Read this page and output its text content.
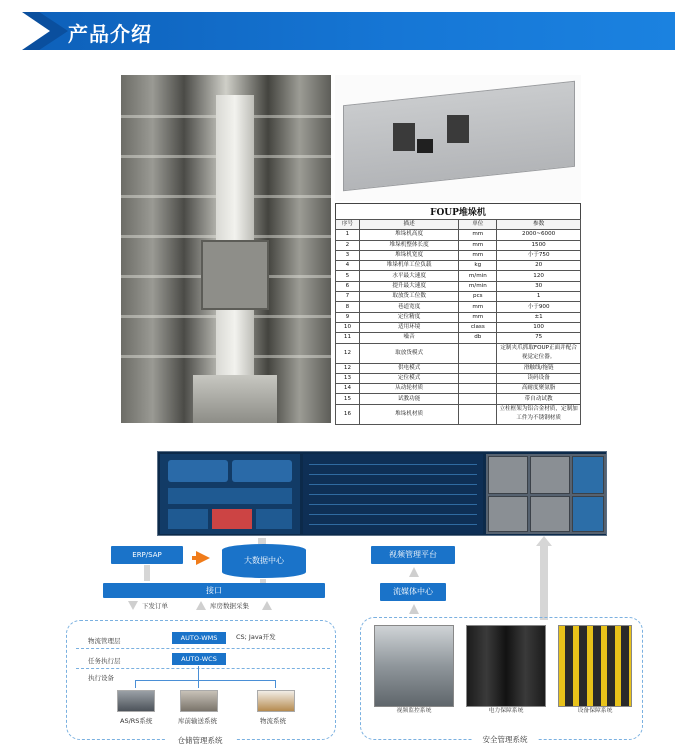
产品介绍
FOUP堆垛机
序号	描述	单位	参数
1	堆垛机高度	mm	2000~6000
2	堆垛机整体长度	mm	1500
3	堆垛机宽度	mm	小于750
4	堆垛机单工位负载	kg	20
5	水平最大速度	m/min	120
6	提升最大速度	m/min	30
7	取放货工位数	pcs	1
8	巷道宽度	mm	小于900
9	定位精度	mm	±1
10	适用环境	class	100
11	噪音	db	75
12	取放货模式		定制夹爪抓取FOUP正面并配合视觉定位器。
12	供电模式		滑触线/拖链
13	定位模式		读码设备
14	从动轮材质		高耐度聚氨脂
15	试教功能		带自动试教
16	堆垛机材质		立柱框架为铝合金材质，定制加工件为不锈钢材质
ERP/SAP
大数据中心
接口
下发订单	库房数据采集
物流管理层	AUTO-WMS	CS; Java开发
任务执行层	AUTO-WCS
执行设备
AS/RS系统	库前输送系统	物流系统
仓储管理系统
视频管理平台
流媒体中心
视频监控系统	电力保障系统	设备保障系统
安全管理系统
